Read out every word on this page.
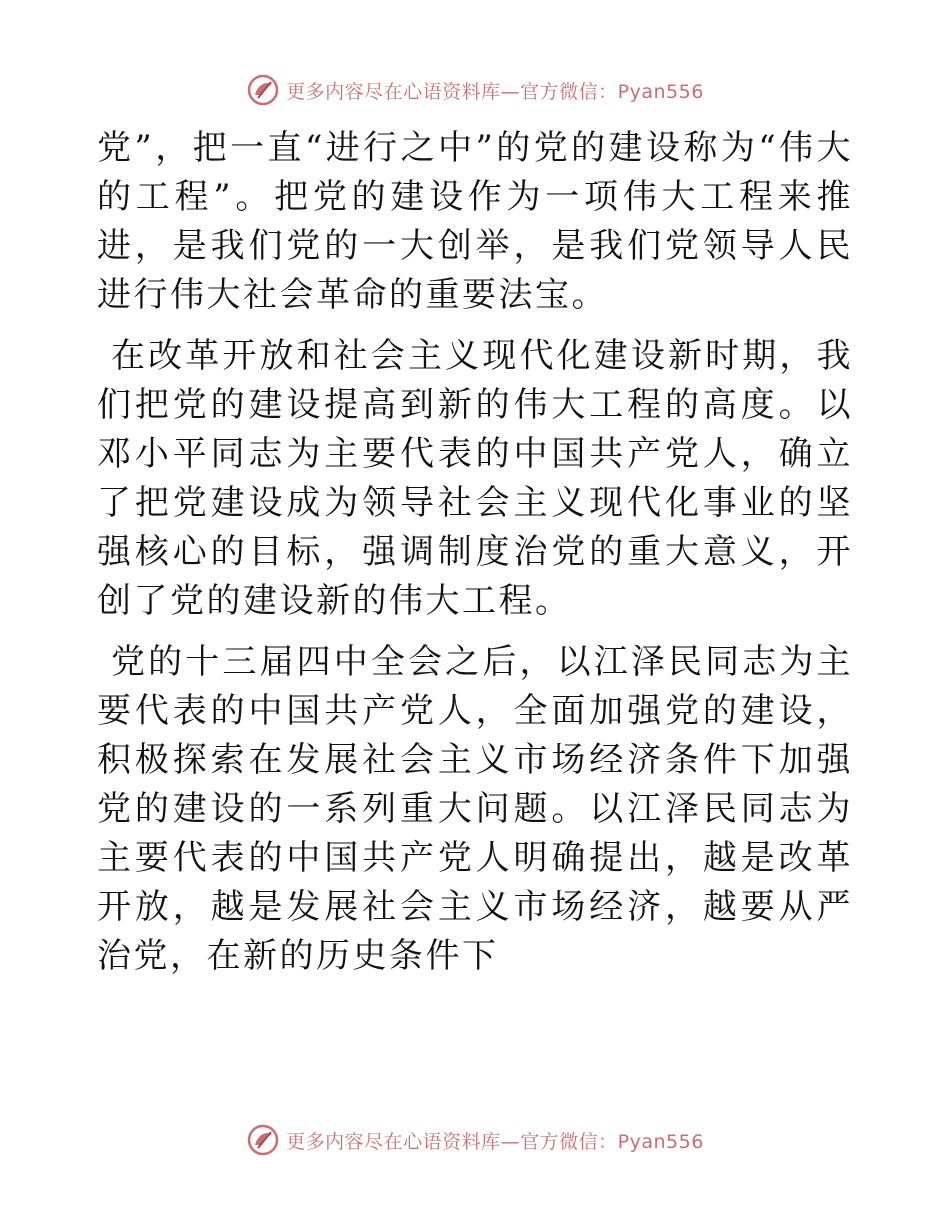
更多内容尽在心语资料库—官方微信：Pyan556

党”，把一直“进行之中”的党的建设称为“伟大的工程”。把党的建设作为一项伟大工程来推进，是我们党的一大创举，是我们党领导人民进行伟大社会革命的重要法宝。

在改革开放和社会主义现代化建设新时期，我们把党的建设提高到新的伟大工程的高度。以邓小平同志为主要代表的中国共产党人，确立了把党建设成为领导社会主义现代化事业的坚强核心的目标，强调制度治党的重大意义，开创了党的建设新的伟大工程。

党的十三届四中全会之后，以江泽民同志为主要代表的中国共产党人，全面加强党的建设，积极探索在发展社会主义市场经济条件下加强党的建设的一系列重大问题。以江泽民同志为主要代表的中国共产党人明确提出，越是改革开放，越是发展社会主义市场经济，越要从严治党，在新的历史条件下

更多内容尽在心语资料库—官方微信：Pyan556
